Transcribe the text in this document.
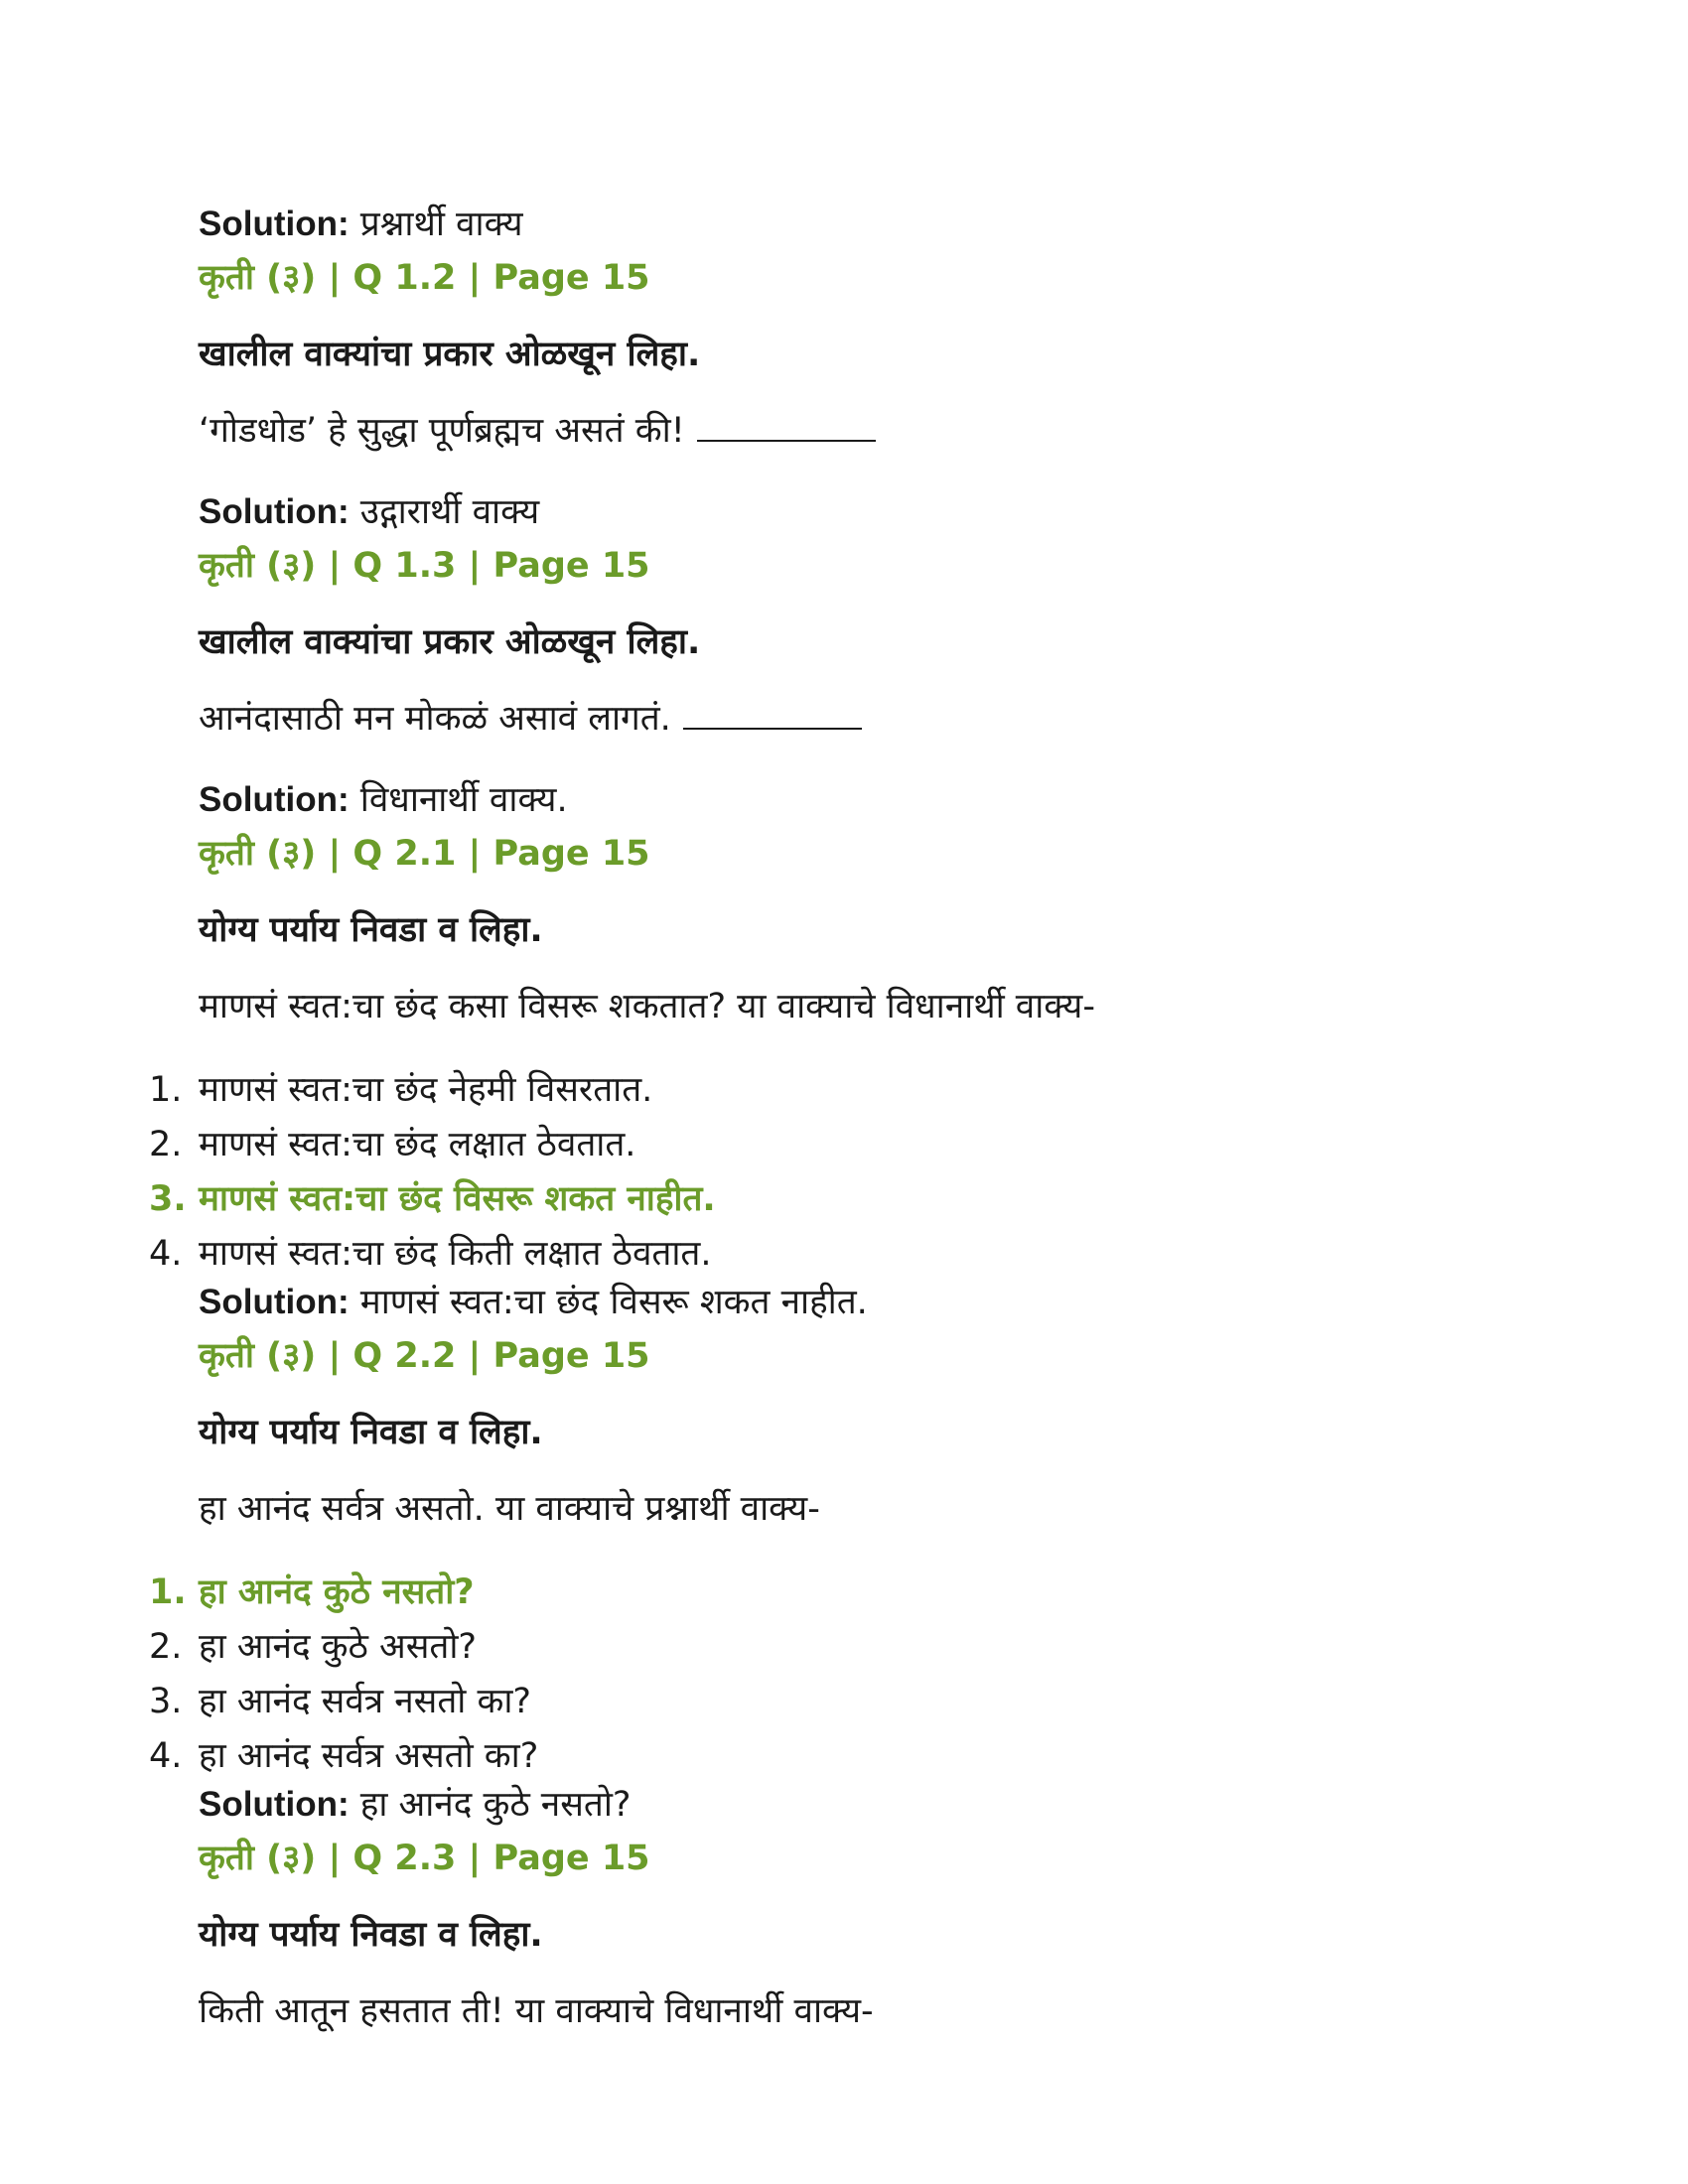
Solution: प्रश्नार्थी वाक्य

कृती (३) | Q 1.2 | Page 15

खालील वाक्यांचा प्रकार ओळखून लिहा.

‘गोडधोड’ हे सुद्धा पूर्णब्रह्मच असतं की!

Solution: उद्गारार्थी वाक्य

कृती (३) | Q 1.3 | Page 15

खालील वाक्यांचा प्रकार ओळखून लिहा.

आनंदासाठी मन मोकळं असावं लागतं.

Solution: विधानार्थी वाक्य.

कृती (३) | Q 2.1 | Page 15

योग्य पर्याय निवडा व लिहा.

माणसं स्वत:चा छंद कसा विसरू शकतात? या वाक्याचे विधानार्थी वाक्य-

1. माणसं स्वत:चा छंद नेहमी विसरतात.
2. माणसं स्वत:चा छंद लक्षात ठेवतात.
3. माणसं स्वत:चा छंद विसरू शकत नाहीत.
4. माणसं स्वत:चा छंद किती लक्षात ठेवतात.

Solution: माणसं स्वत:चा छंद विसरू शकत नाहीत.

कृती (३) | Q 2.2 | Page 15

योग्य पर्याय निवडा व लिहा.

हा आनंद सर्वत्र असतो. या वाक्याचे प्रश्नार्थी वाक्य-

1. हा आनंद कुठे नसतो?
2. हा आनंद कुठे असतो?
3. हा आनंद सर्वत्र नसतो का?
4. हा आनंद सर्वत्र असतो का?

Solution: हा आनंद कुठे नसतो?

कृती (३) | Q 2.3 | Page 15

योग्य पर्याय निवडा व लिहा.

किती आतून हसतात ती! या वाक्याचे विधानार्थी वाक्य-
